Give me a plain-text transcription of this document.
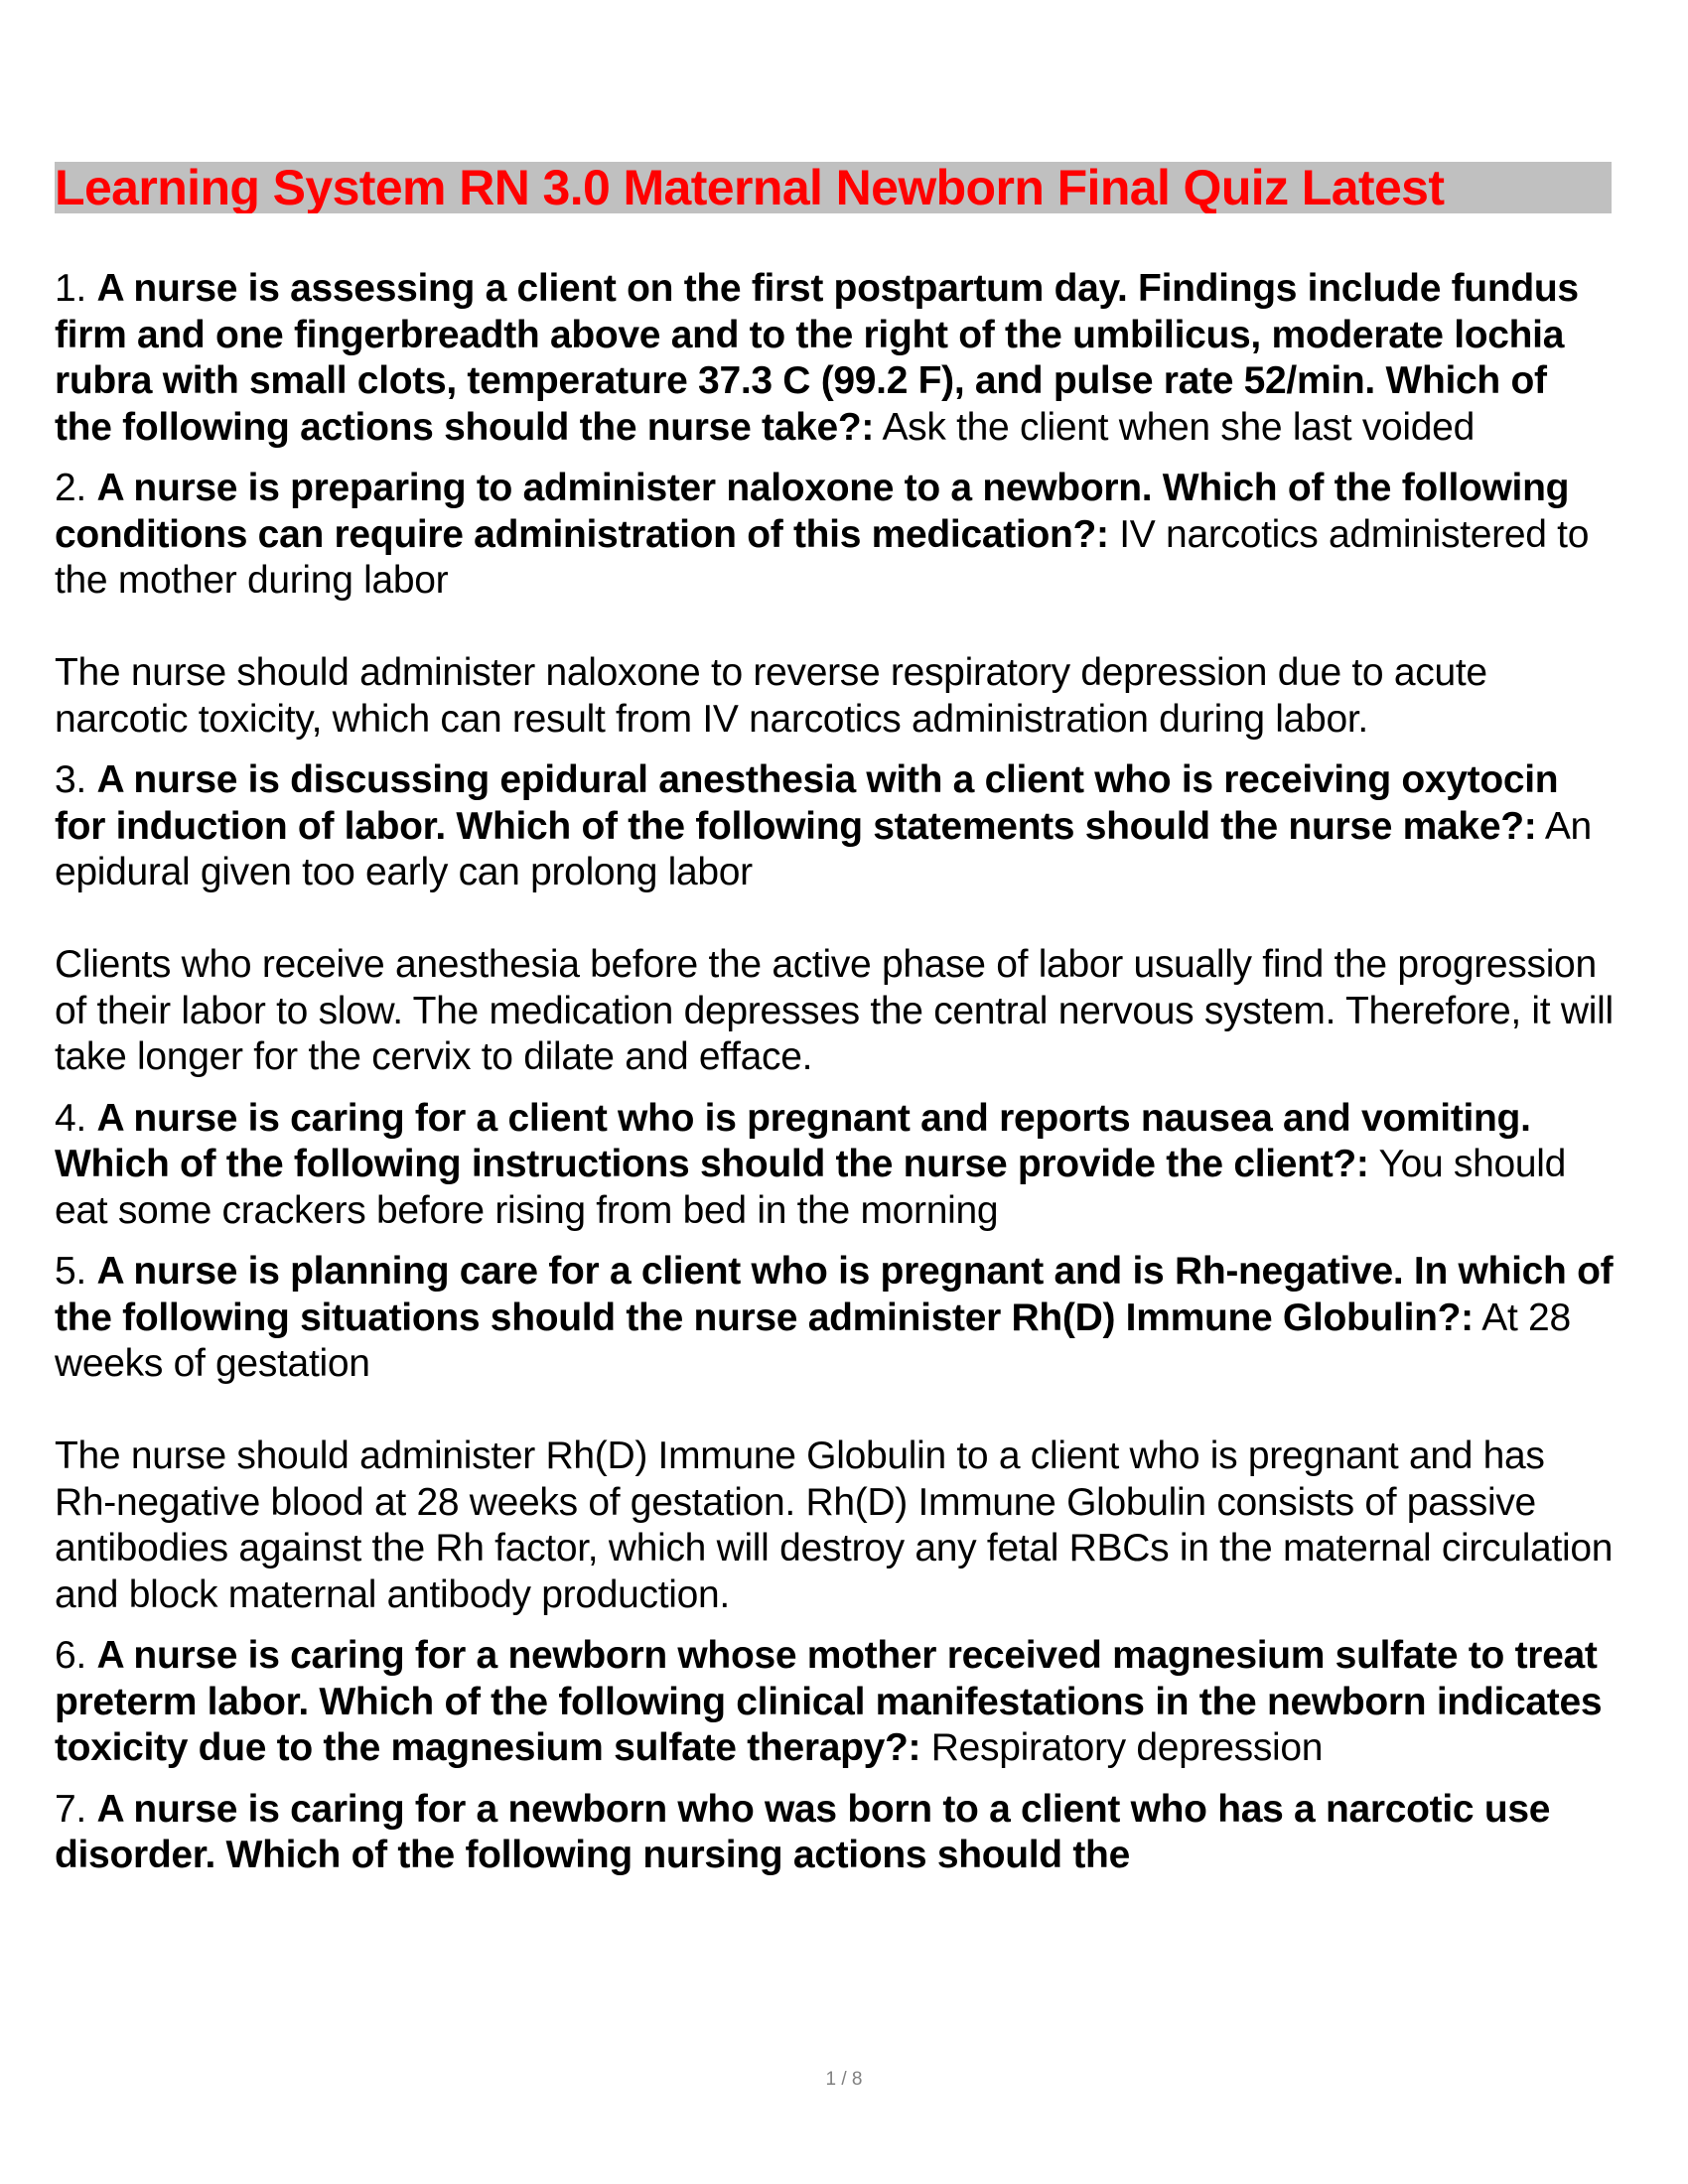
Learning System RN 3.0 Maternal Newborn Final Quiz Latest
1. A nurse is assessing a client on the first postpartum day. Findings include fundus firm and one fingerbreadth above and to the right of the umbilicus, moderate lochia rubra with small clots, temperature 37.3 C (99.2 F), and pulse rate 52/min. Which of the following actions should the nurse take?: Ask the client when she last voided
2. A nurse is preparing to administer naloxone to a newborn. Which of the following conditions can require administration of this medication?: IV narcotics administered to the mother during labor
The nurse should administer naloxone to reverse respiratory depression due to acute narcotic toxicity, which can result from IV narcotics administration during labor.
3. A nurse is discussing epidural anesthesia with a client who is receiving oxytocin for induction of labor. Which of the following statements should the nurse make?: An epidural given too early can prolong labor
Clients who receive anesthesia before the active phase of labor usually find the progression of their labor to slow. The medication depresses the central nervous system. Therefore, it will take longer for the cervix to dilate and efface.
4. A nurse is caring for a client who is pregnant and reports nausea and vomiting. Which of the following instructions should the nurse provide the client?: You should eat some crackers before rising from bed in the morning
5. A nurse is planning care for a client who is pregnant and is Rh-negative. In which of the following situations should the nurse administer Rh(D) Immune Globulin?: At 28 weeks of gestation
The nurse should administer Rh(D) Immune Globulin to a client who is pregnant and has Rh-negative blood at 28 weeks of gestation. Rh(D) Immune Globulin consists of passive antibodies against the Rh factor, which will destroy any fetal RBCs in the maternal circulation and block maternal antibody production.
6. A nurse is caring for a newborn whose mother received magnesium sulfate to treat preterm labor. Which of the following clinical manifestations in the newborn indicates toxicity due to the magnesium sulfate therapy?: Respiratory depression
7. A nurse is caring for a newborn who was born to a client who has a narcotic use disorder. Which of the following nursing actions should the
1 / 8
